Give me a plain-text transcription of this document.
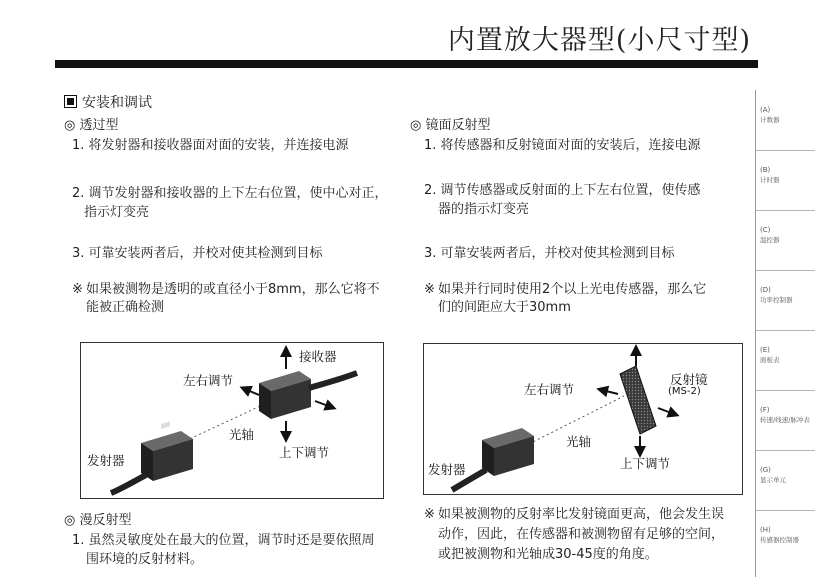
内置放大器型(小尺寸型)
安装和调试
◎ 透过型
1. 将发射器和接收器面对面的安装，并连接电源
2. 调节发射器和接收器的上下左右位置，使中心对正，
指示灯变亮
3. 可靠安装两者后，并校对使其检测到目标
※ 如果被测物是透明的或直径小于8mm，那么它将不
能被正确检测
◎ 镜面反射型
1. 将传感器和反射镜面对面的安装后，连接电源
2. 调节传感器或反射面的上下左右位置，使传感
器的指示灯变亮
3. 可靠安装两者后，并校对使其检测到目标
※ 如果并行同时使用2个以上光电传感器，那么它
们的间距应大于30mm
接收器
左右调节
光轴
上下调节
发射器
反射镜
(MS-2)
左右调节
光轴
上下调节
发射器
◎ 漫反射型
1. 虽然灵敏度处在最大的位置，调节时还是要依照周
围环境的反射材料。
※ 如果被测物的反射率比发射镜面更高，他会发生误
动作，因此，在传感器和被测物留有足够的空间，
或把被测物和光轴成30-45度的角度。
(A)
计数器
(B)
计时器
(C)
温控器
(D)
功率控制器
(E)
面板表
(F)
转速/线速/脉冲表
(G)
显示单元
(H)
传感器控制器
